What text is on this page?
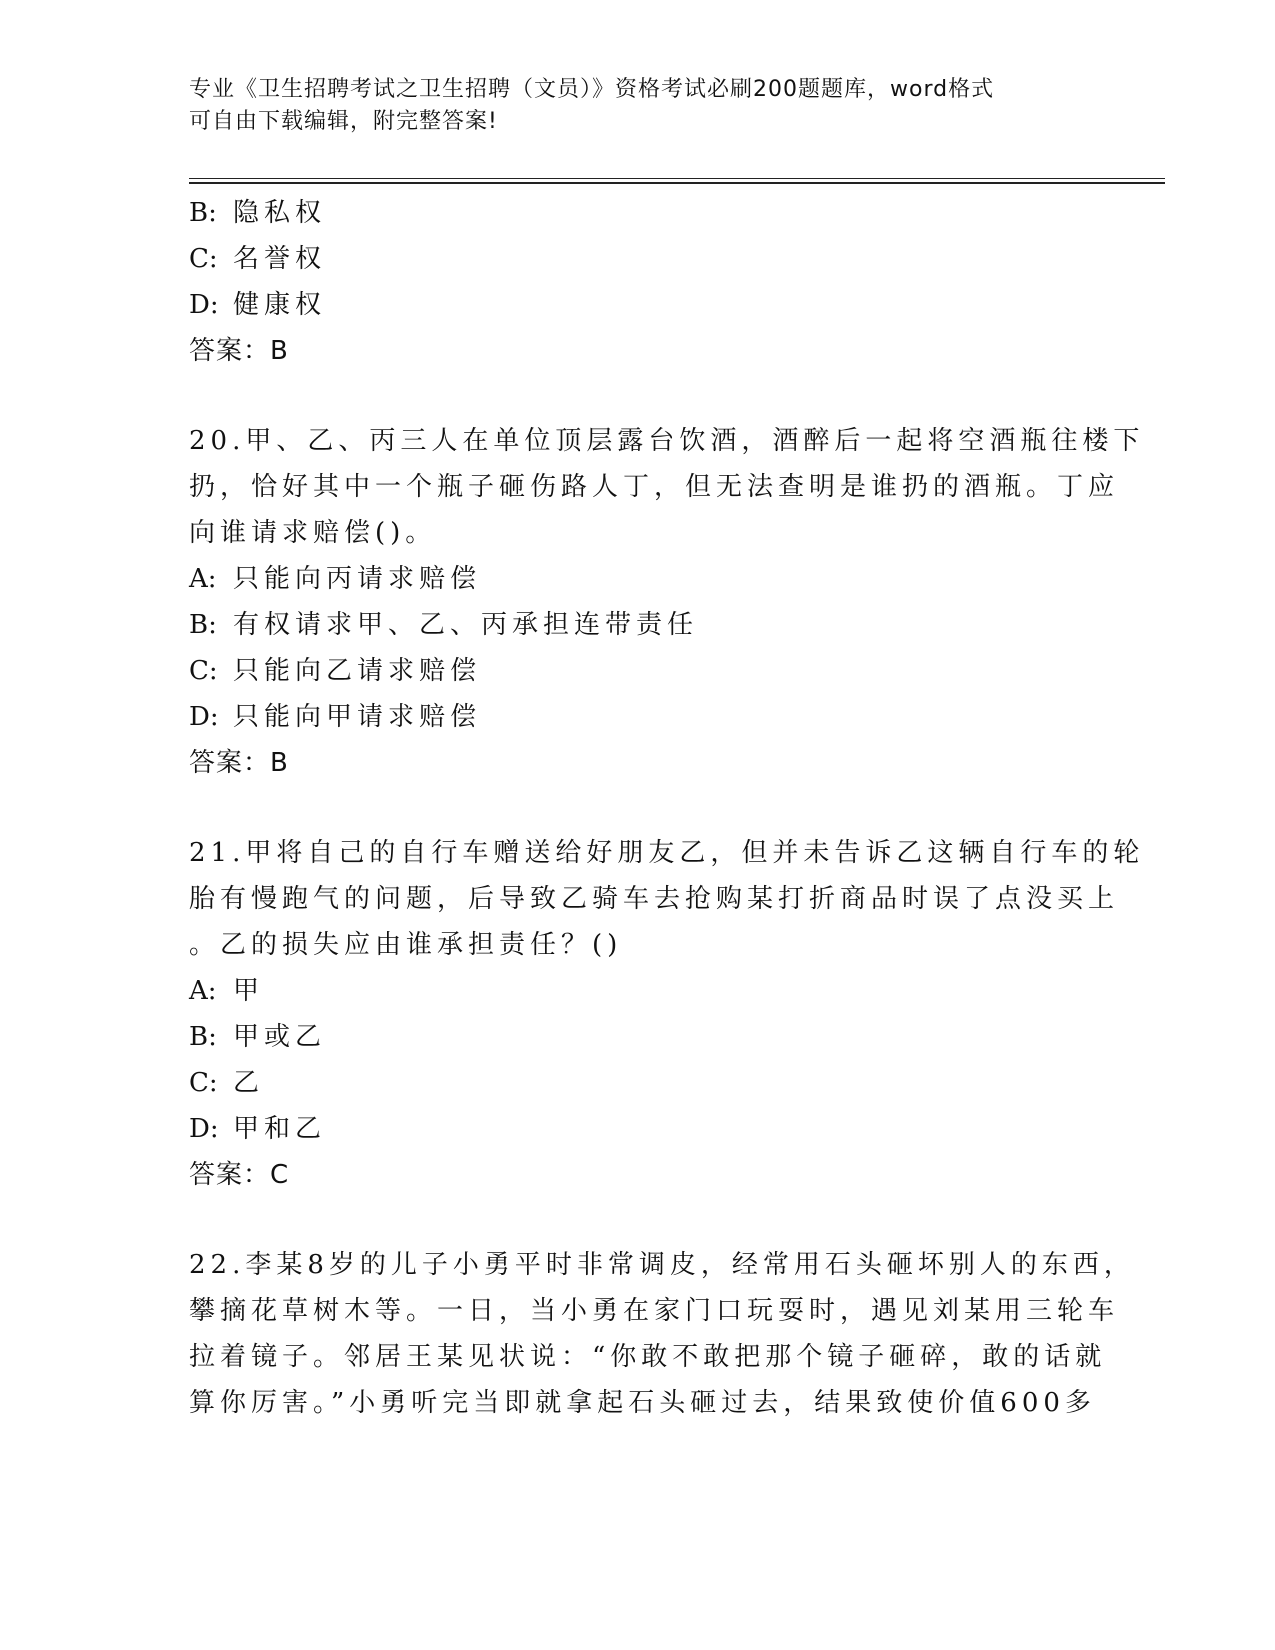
专业《卫生招聘考试之卫生招聘（文员）》资格考试必刷200题题库，word格式
可自由下载编辑，附完整答案!
B: 隐私权
C: 名誉权
D: 健康权
答案：B
20.甲、乙、丙三人在单位顶层露台饮酒，酒醉后一起将空酒瓶往楼下
扔，恰好其中一个瓶子砸伤路人丁，但无法查明是谁扔的酒瓶。丁应
向谁请求赔偿()。
A: 只能向丙请求赔偿
B: 有权请求甲、乙、丙承担连带责任
C: 只能向乙请求赔偿
D: 只能向甲请求赔偿
答案：B
21.甲将自己的自行车赠送给好朋友乙，但并未告诉乙这辆自行车的轮
胎有慢跑气的问题，后导致乙骑车去抢购某打折商品时误了点没买上
。乙的损失应由谁承担责任？()
A: 甲
B: 甲或乙
C: 乙
D: 甲和乙
答案：C
22.李某8岁的儿子小勇平时非常调皮，经常用石头砸坏别人的东西，
攀摘花草树木等。一日，当小勇在家门口玩耍时，遇见刘某用三轮车
拉着镜子。邻居王某见状说：“你敢不敢把那个镜子砸碎，敢的话就
算你厉害。”小勇听完当即就拿起石头砸过去，结果致使价值600多
